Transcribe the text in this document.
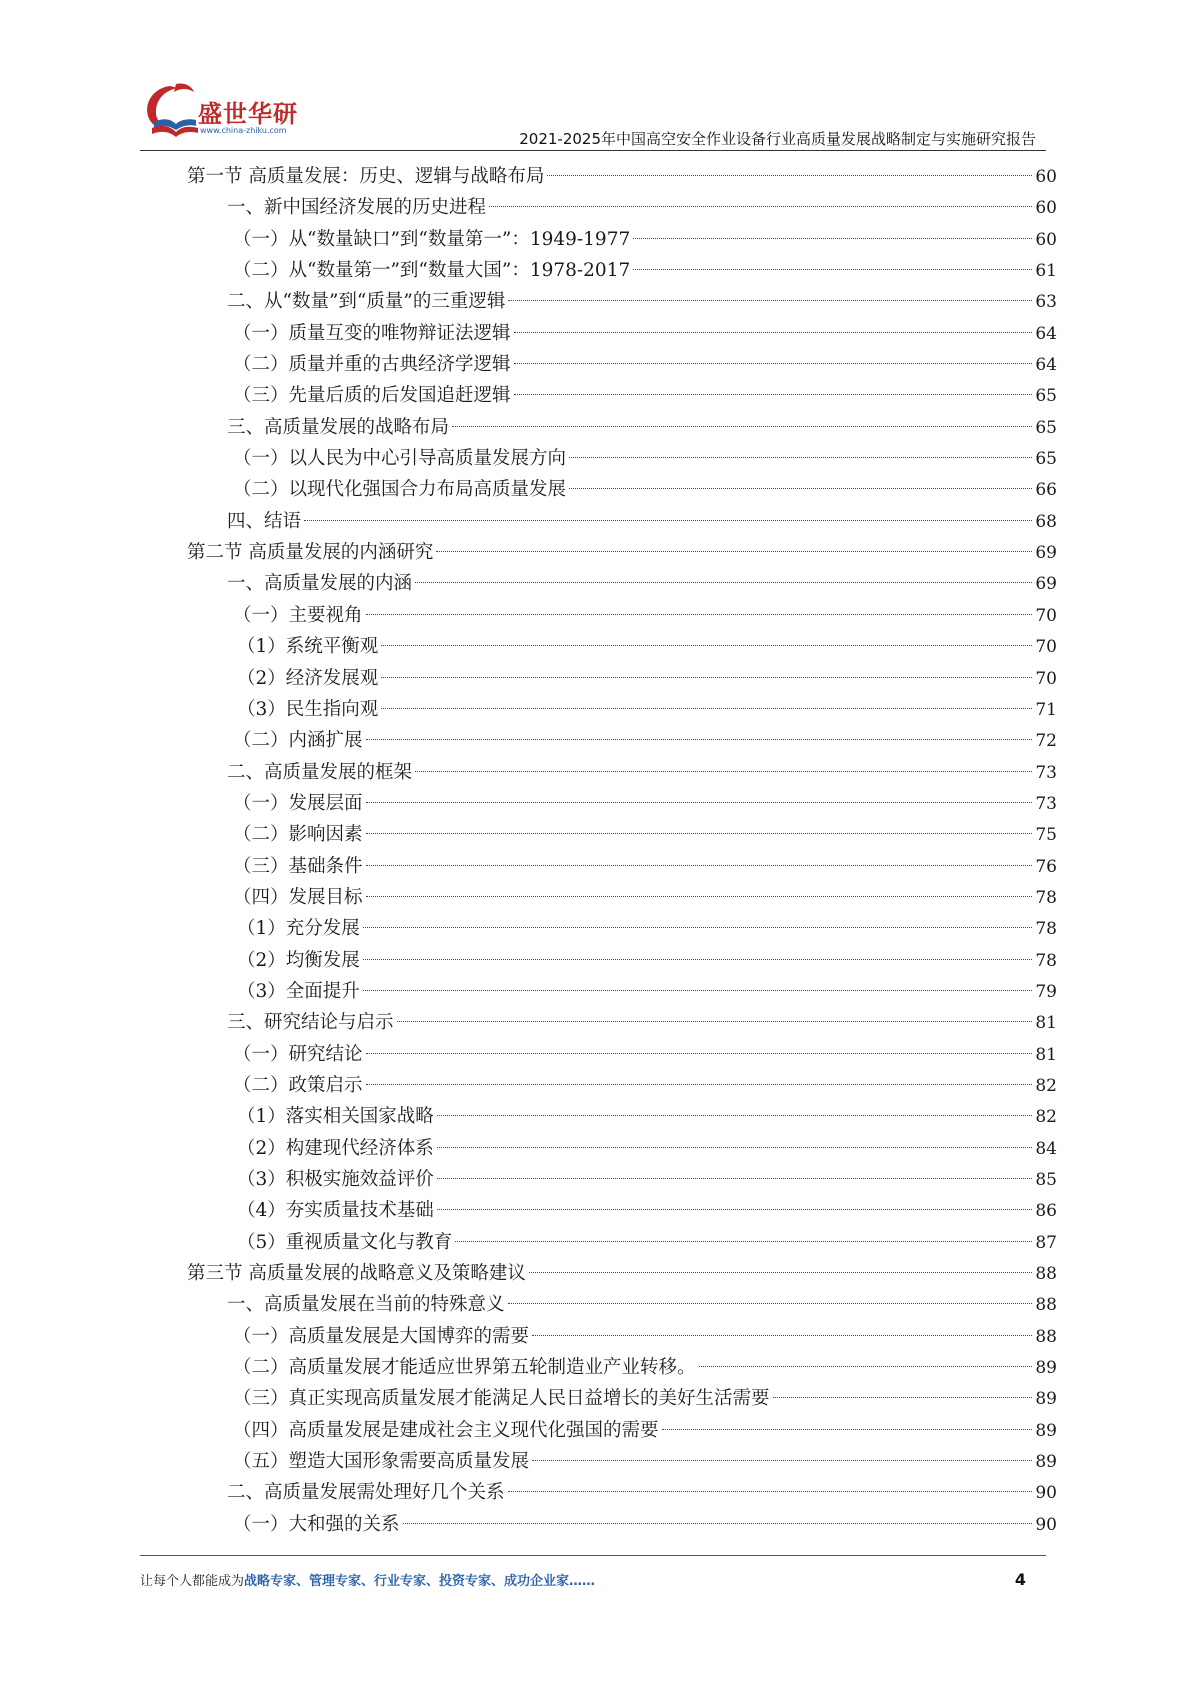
盛世华研
www.china-zhiku.com	2021-2025年中国高空安全作业设备行业高质量发展战略制定与实施研究报告
第一节 高质量发展：历史、逻辑与战略布局	60
一、新中国经济发展的历史进程	60
（一）从“数量缺口”到“数量第一”：1949-1977	60
（二）从“数量第一”到“数量大国”：1978-2017	61
二、从“数量”到“质量”的三重逻辑	63
（一）质量互变的唯物辩证法逻辑	64
（二）质量并重的古典经济学逻辑	64
（三）先量后质的后发国追赶逻辑	65
三、高质量发展的战略布局	65
（一）以人民为中心引导高质量发展方向	65
（二）以现代化强国合力布局高质量发展	66
四、结语	68
第二节 高质量发展的内涵研究	69
一、高质量发展的内涵	69
（一）主要视角	70
（1）系统平衡观	70
（2）经济发展观	70
（3）民生指向观	71
（二）内涵扩展	72
二、高质量发展的框架	73
（一）发展层面	73
（二）影响因素	75
（三）基础条件	76
（四）发展目标	78
（1）充分发展	78
（2）均衡发展	78
（3）全面提升	79
三、研究结论与启示	81
（一）研究结论	81
（二）政策启示	82
（1）落实相关国家战略	82
（2）构建现代经济体系	84
（3）积极实施效益评价	85
（4）夯实质量技术基础	86
（5）重视质量文化与教育	87
第三节 高质量发展的战略意义及策略建议	88
一、高质量发展在当前的特殊意义	88
（一）高质量发展是大国博弈的需要	88
（二）高质量发展才能适应世界第五轮制造业产业转移。	89
（三）真正实现高质量发展才能满足人民日益增长的美好生活需要	89
（四）高质量发展是建成社会主义现代化强国的需要	89
（五）塑造大国形象需要高质量发展	89
二、高质量发展需处理好几个关系	90
（一）大和强的关系	90
让每个人都能成为战略专家、管理专家、行业专家、投资专家、成功企业家……	4
